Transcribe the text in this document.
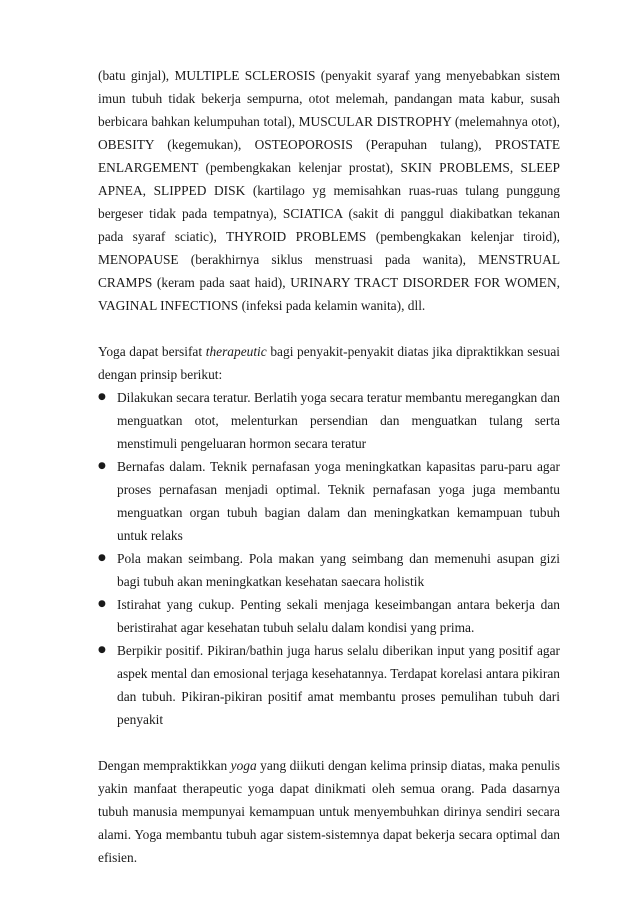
(batu ginjal), MULTIPLE SCLEROSIS (penyakit syaraf yang menyebabkan sistem imun tubuh tidak bekerja sempurna, otot melemah, pandangan mata kabur, susah berbicara bahkan kelumpuhan total), MUSCULAR DISTROPHY (melemahnya otot), OBESITY (kegemukan), OSTEOPOROSIS (Perapuhan tulang), PROSTATE ENLARGEMENT (pembengkakan kelenjar prostat), SKIN PROBLEMS, SLEEP APNEA, SLIPPED DISK (kartilago yg memisahkan ruas-ruas tulang punggung bergeser tidak pada tempatnya), SCIATICA (sakit di panggul diakibatkan tekanan pada syaraf sciatic), THYROID PROBLEMS (pembengkakan kelenjar tiroid), MENOPAUSE (berakhirnya siklus menstruasi pada wanita), MENSTRUAL CRAMPS (keram pada saat haid), URINARY TRACT DISORDER FOR WOMEN, VAGINAL INFECTIONS (infeksi pada kelamin wanita), dll.

Yoga dapat bersifat therapeutic bagi penyakit-penyakit diatas jika dipraktikkan sesuai dengan prinsip berikut:

● Dilakukan secara teratur. Berlatih yoga secara teratur membantu meregangkan dan menguatkan otot, melenturkan persendian dan menguatkan tulang serta menstimuli pengeluaran hormon secara teratur
● Bernafas dalam. Teknik pernafasan yoga meningkatkan kapasitas paru-paru agar proses pernafasan menjadi optimal. Teknik pernafasan yoga juga membantu menguatkan organ tubuh bagian dalam dan meningkatkan kemampuan tubuh untuk relaks
● Pola makan seimbang. Pola makan yang seimbang dan memenuhi asupan gizi bagi tubuh akan meningkatkan kesehatan saecara holistik
● Istirahat yang cukup. Penting sekali menjaga keseimbangan antara bekerja dan beristirahat agar kesehatan tubuh selalu dalam kondisi yang prima.
● Berpikir positif. Pikiran/bathin juga harus selalu diberikan input yang positif agar aspek mental dan emosional terjaga kesehatannya. Terdapat korelasi antara pikiran dan tubuh. Pikiran-pikiran positif amat membantu proses pemulihan tubuh dari penyakit

Dengan mempraktikkan yoga yang diikuti dengan kelima prinsip diatas, maka penulis yakin manfaat therapeutic yoga dapat dinikmati oleh semua orang. Pada dasarnya tubuh manusia mempunyai kemampuan untuk menyembuhkan dirinya sendiri secara alami. Yoga membantu tubuh agar sistem-sistemnya dapat bekerja secara optimal dan efisien.
